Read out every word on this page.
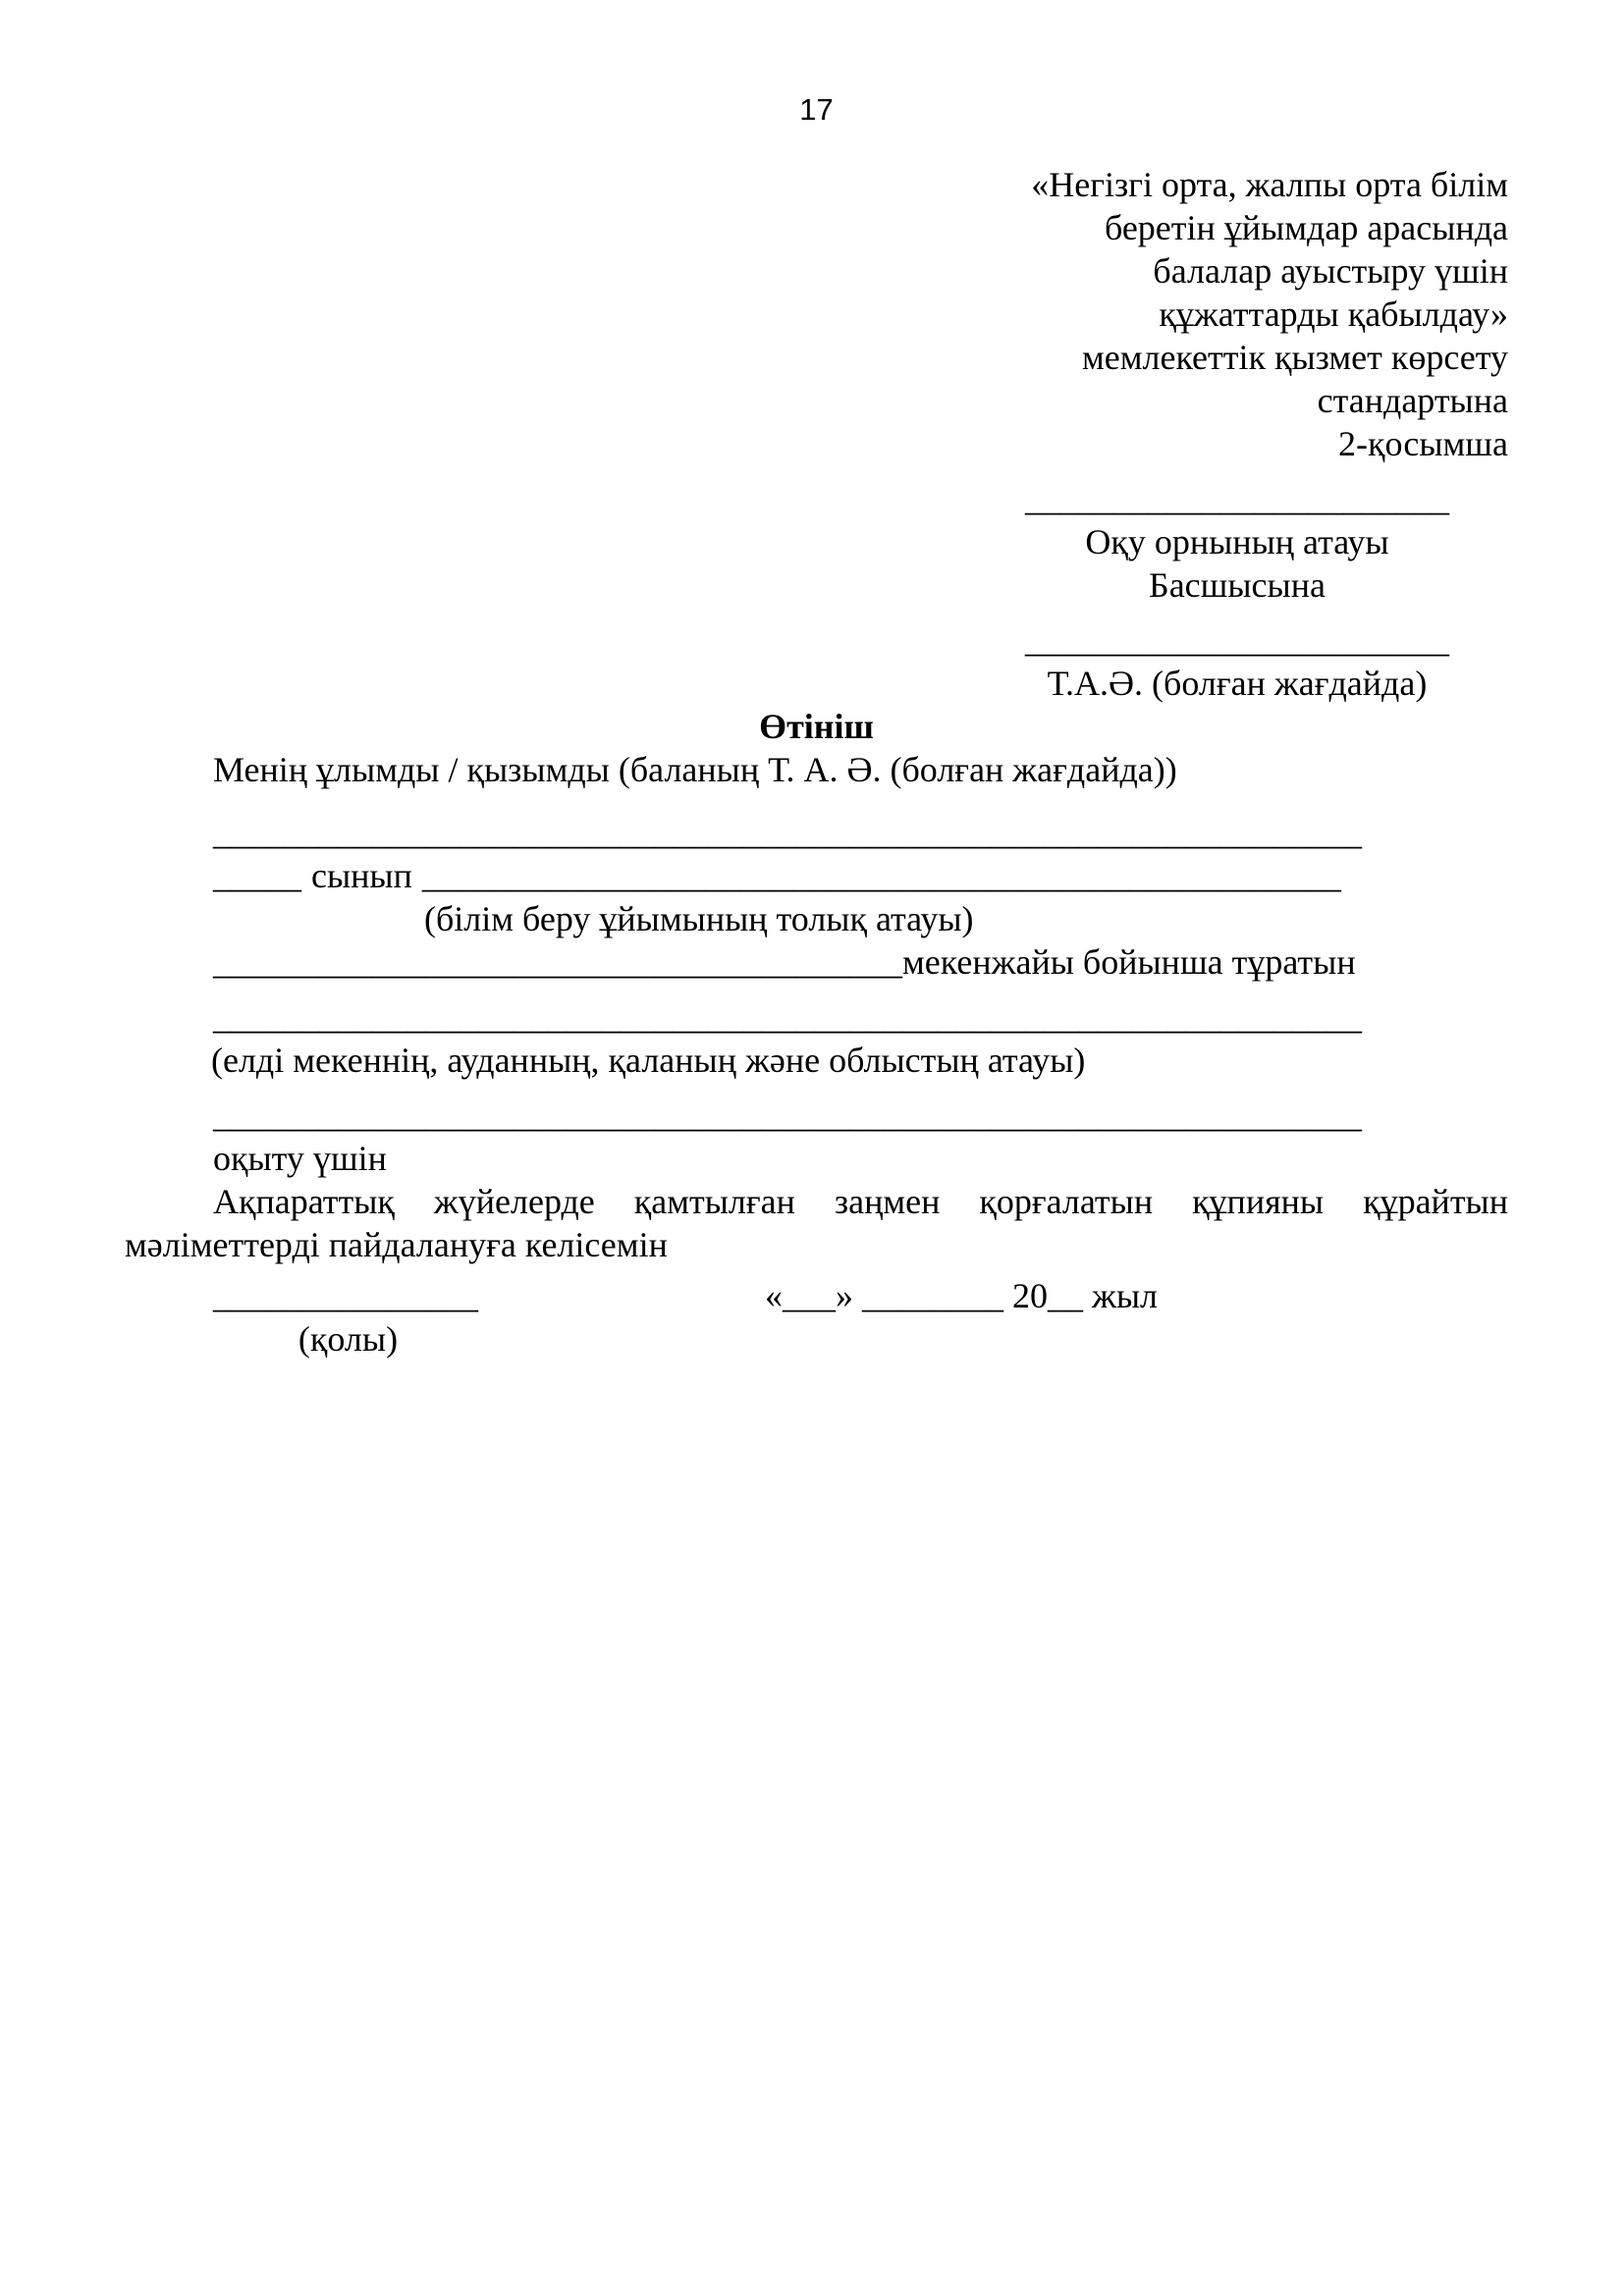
17
«Негізгі орта, жалпы орта білім
беретін ұйымдар арасында
балалар ауыстыру үшін
құжаттарды қабылдау»
мемлекеттік қызмет көрсету
стандартына
2-қосымша
________________________
Оқу орнының атауы
Басшысына
________________________
Т.А.Ә. (болған жағдайда)
Өтініш

Менің ұлымды / қызымды (баланың Т. А. Ә. (болған жағдайда))

_________________________________________________________________
_____ сынып ____________________________________________________
(білім беру ұйымының толық атауы)
_______________________________________мекенжайы бойынша тұратын
_________________________________________________________________
(елді мекеннің, ауданның, қаланың және облыстың атауы)
_________________________________________________________________
оқыту үшін

Ақпараттық жүйелерде қамтылған заңмен қорғалатын құпияны құрайтын мәліметтерді пайдалануға келісемін

_______________	«___» ________ 20__ жыл
(қолы)
